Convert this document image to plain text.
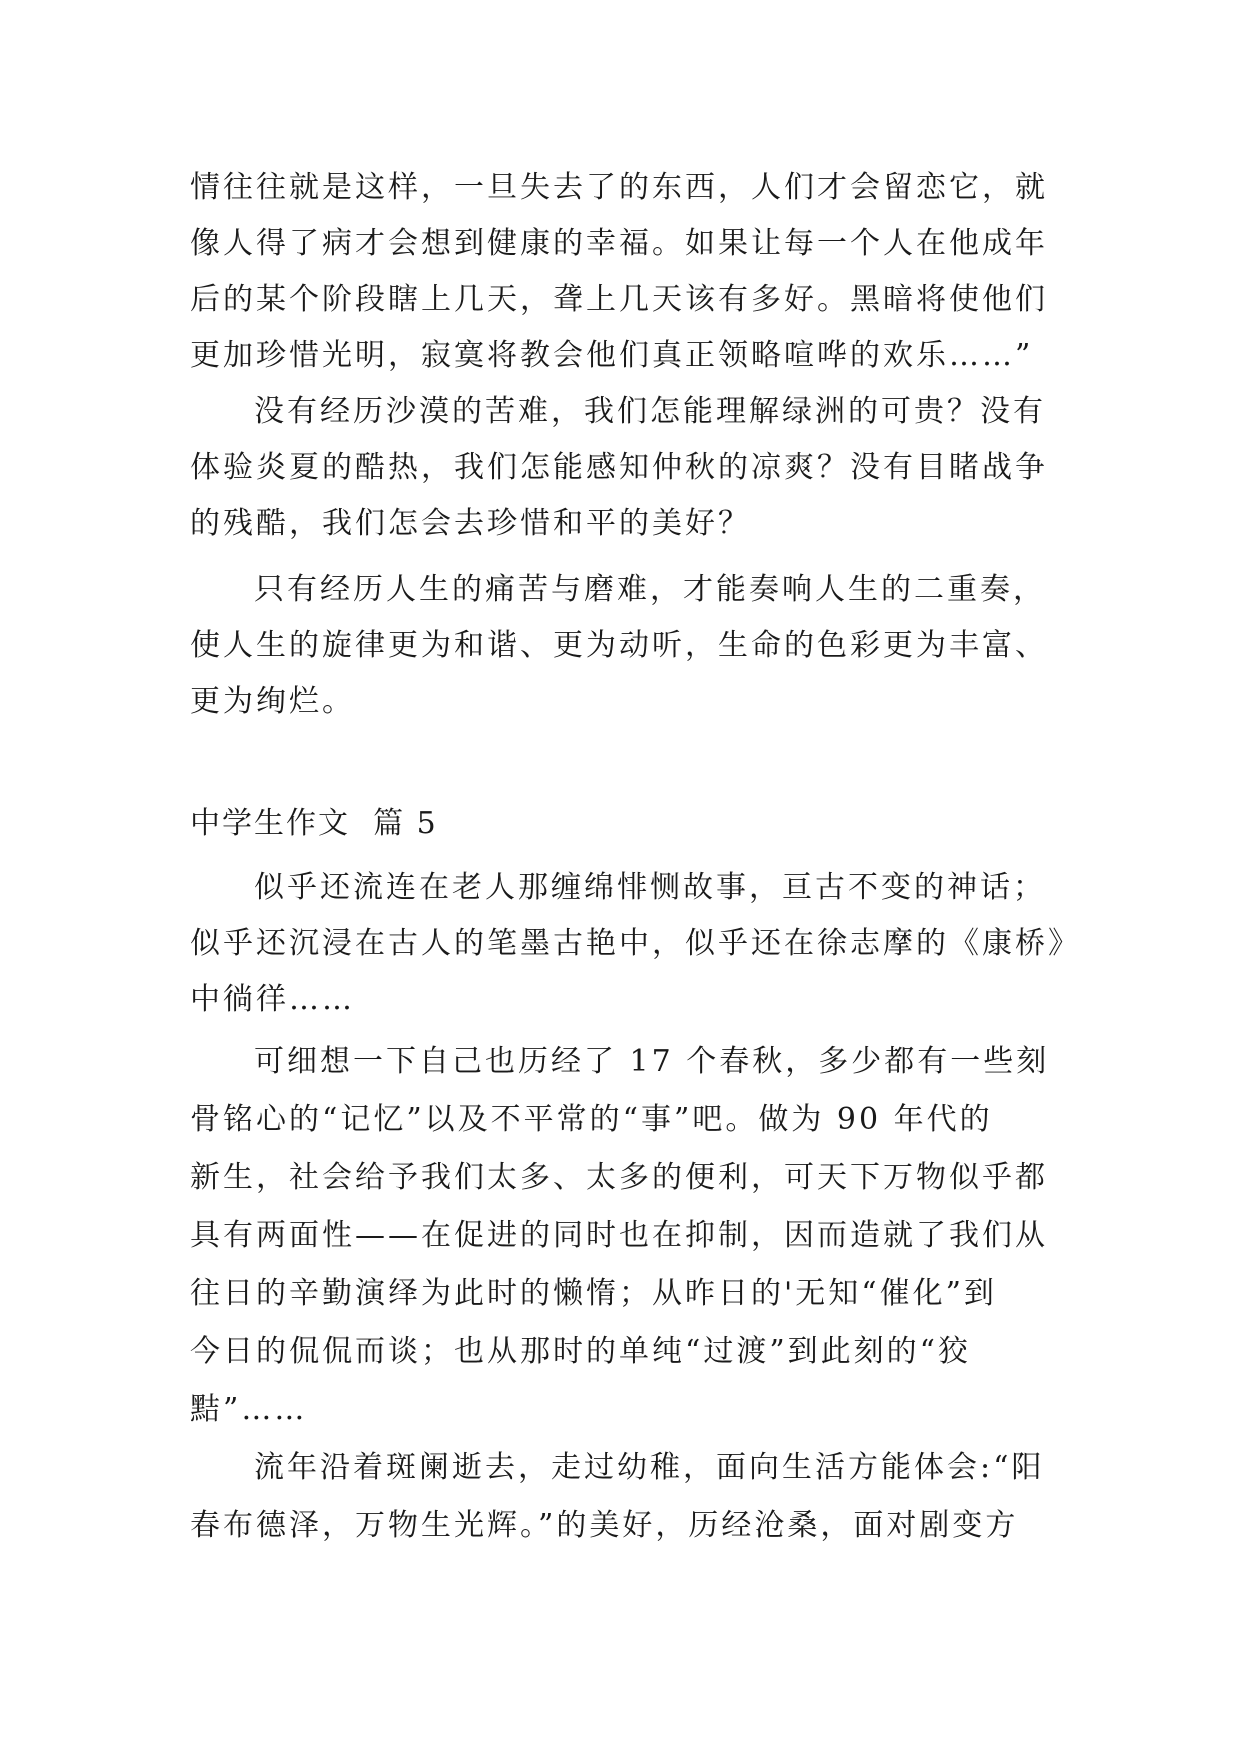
情往往就是这样，一旦失去了的东西，人们才会留恋它，就
像人得了病才会想到健康的幸福。如果让每一个人在他成年
后的某个阶段瞎上几天，聋上几天该有多好。黑暗将使他们
更加珍惜光明，寂寞将教会他们真正领略喧哗的欢乐……”
没有经历沙漠的苦难，我们怎能理解绿洲的可贵？没有
体验炎夏的酷热，我们怎能感知仲秋的凉爽？没有目睹战争
的残酷，我们怎会去珍惜和平的美好？
只有经历人生的痛苦与磨难，才能奏响人生的二重奏，
使人生的旋律更为和谐、更为动听，生命的色彩更为丰富、
更为绚烂。
中学生作文  篇 5
似乎还流连在老人那缠绵悱恻故事，亘古不变的神话；
似乎还沉浸在古人的笔墨古艳中，似乎还在徐志摩的《康桥》
中徜徉……
可细想一下自己也历经了 17 个春秋，多少都有一些刻
骨铭心的“记忆”以及不平常的“事”吧。做为 90 年代的
新生，社会给予我们太多、太多的便利，可天下万物似乎都
具有两面性——在促进的同时也在抑制，因而造就了我们从
往日的辛勤演绎为此时的懒惰；从昨日的'无知“催化”到
今日的侃侃而谈；也从那时的单纯“过渡”到此刻的“狡
黠”……
流年沿着斑阑逝去，走过幼稚，面向生活方能体会:“阳
春布德泽，万物生光辉。”的美好，历经沧桑，面对剧变方
